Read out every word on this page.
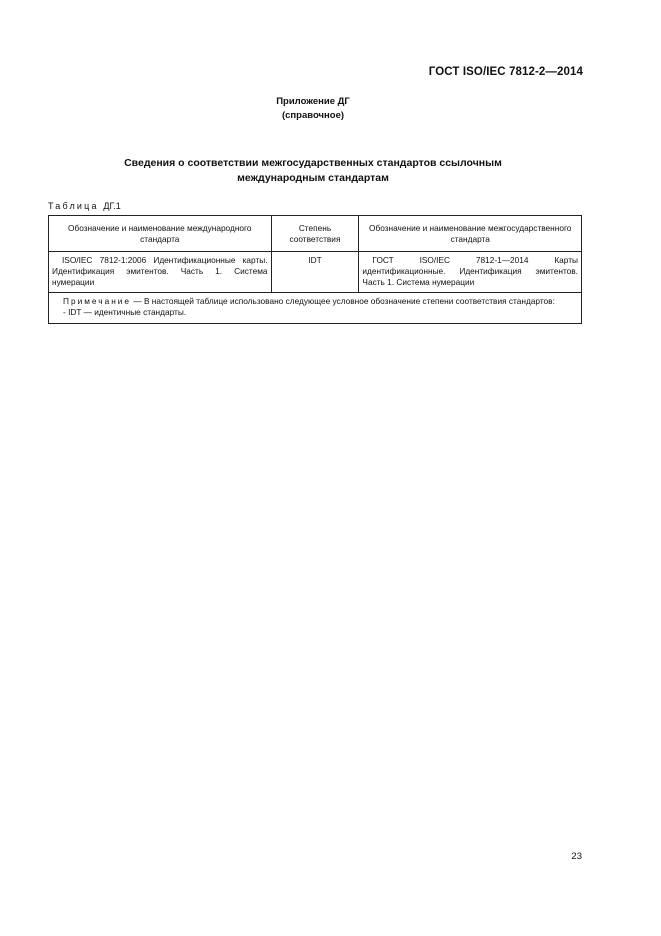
ГОСТ ISO/IEC 7812-2—2014
Приложение ДГ
(справочное)
Сведения о соответствии межгосударственных стандартов ссылочным
международным стандартам
Таблица ДГ.1
Обозначение и наименование международного стандарта	Степень соответствия	Обозначение и наименование межгосударственного стандарта
ISO/IEC 7812-1:2006 Идентификационные карты. Идентификация эмитентов. Часть 1. Система нумерации	IDT	ГОСТ ISO/IEC 7812-1—2014 Карты идентификационные. Идентификация эмитентов. Часть 1. Система нумерации

Примечание — В настоящей таблице использовано следующее условное обозначение степени соответствия стандартов:
- IDT — идентичные стандарты.		
23
